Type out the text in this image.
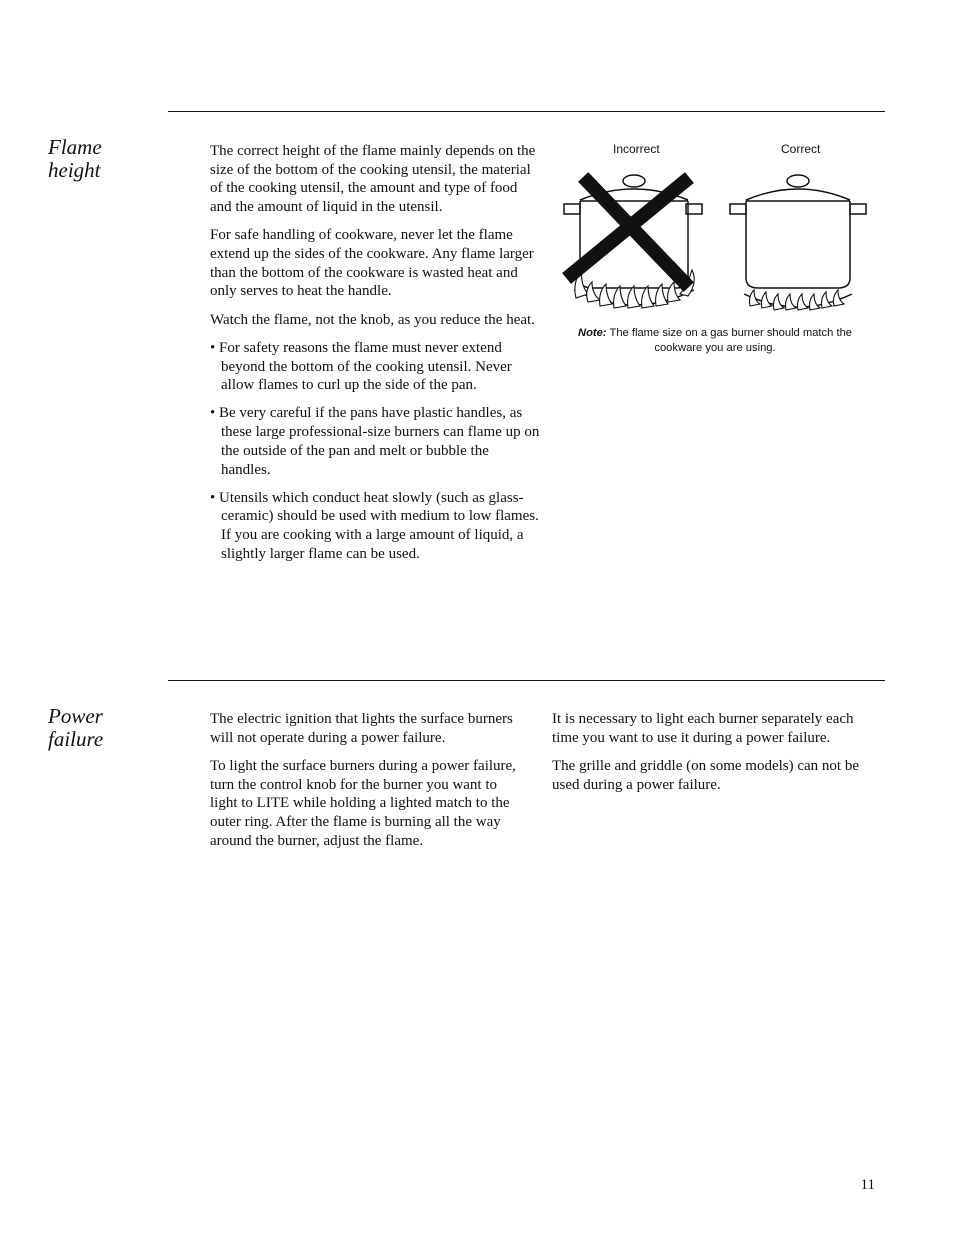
Flame
height

The correct height of the flame mainly depends on the size of the bottom of the cooking utensil, the material of the cooking utensil, the amount and type of food and the amount of liquid in the utensil.

For safe handling of cookware, never let the flame extend up the sides of the cookware. Any flame larger than the bottom of the cookware is wasted heat and only serves to heat the handle.

Watch the flame, not the knob, as you reduce the heat.

• For safety reasons the flame must never extend beyond the bottom of the cooking utensil. Never allow flames to curl up the side of the pan.

• Be very careful if the pans have plastic handles, as these large professional-size burners can flame up on the outside of the pan and melt or bubble the handles.

• Utensils which conduct heat slowly (such as glass-ceramic) should be used with medium to low flames. If you are cooking with a large amount of liquid, a slightly larger flame can be used.

Incorrect	Correct
Note: The flame size on a gas burner should match the cookware you are using.
Power
failure

The electric ignition that lights the surface burners will not operate during a power failure.

To light the surface burners during a power failure, turn the control knob for the burner you want to light to LITE while holding a lighted match to the outer ring. After the flame is burning all the way around the burner, adjust the flame.

It is necessary to light each burner separately each time you want to use it during a power failure.

The grille and griddle (on some models) can not be used during a power failure.

11
